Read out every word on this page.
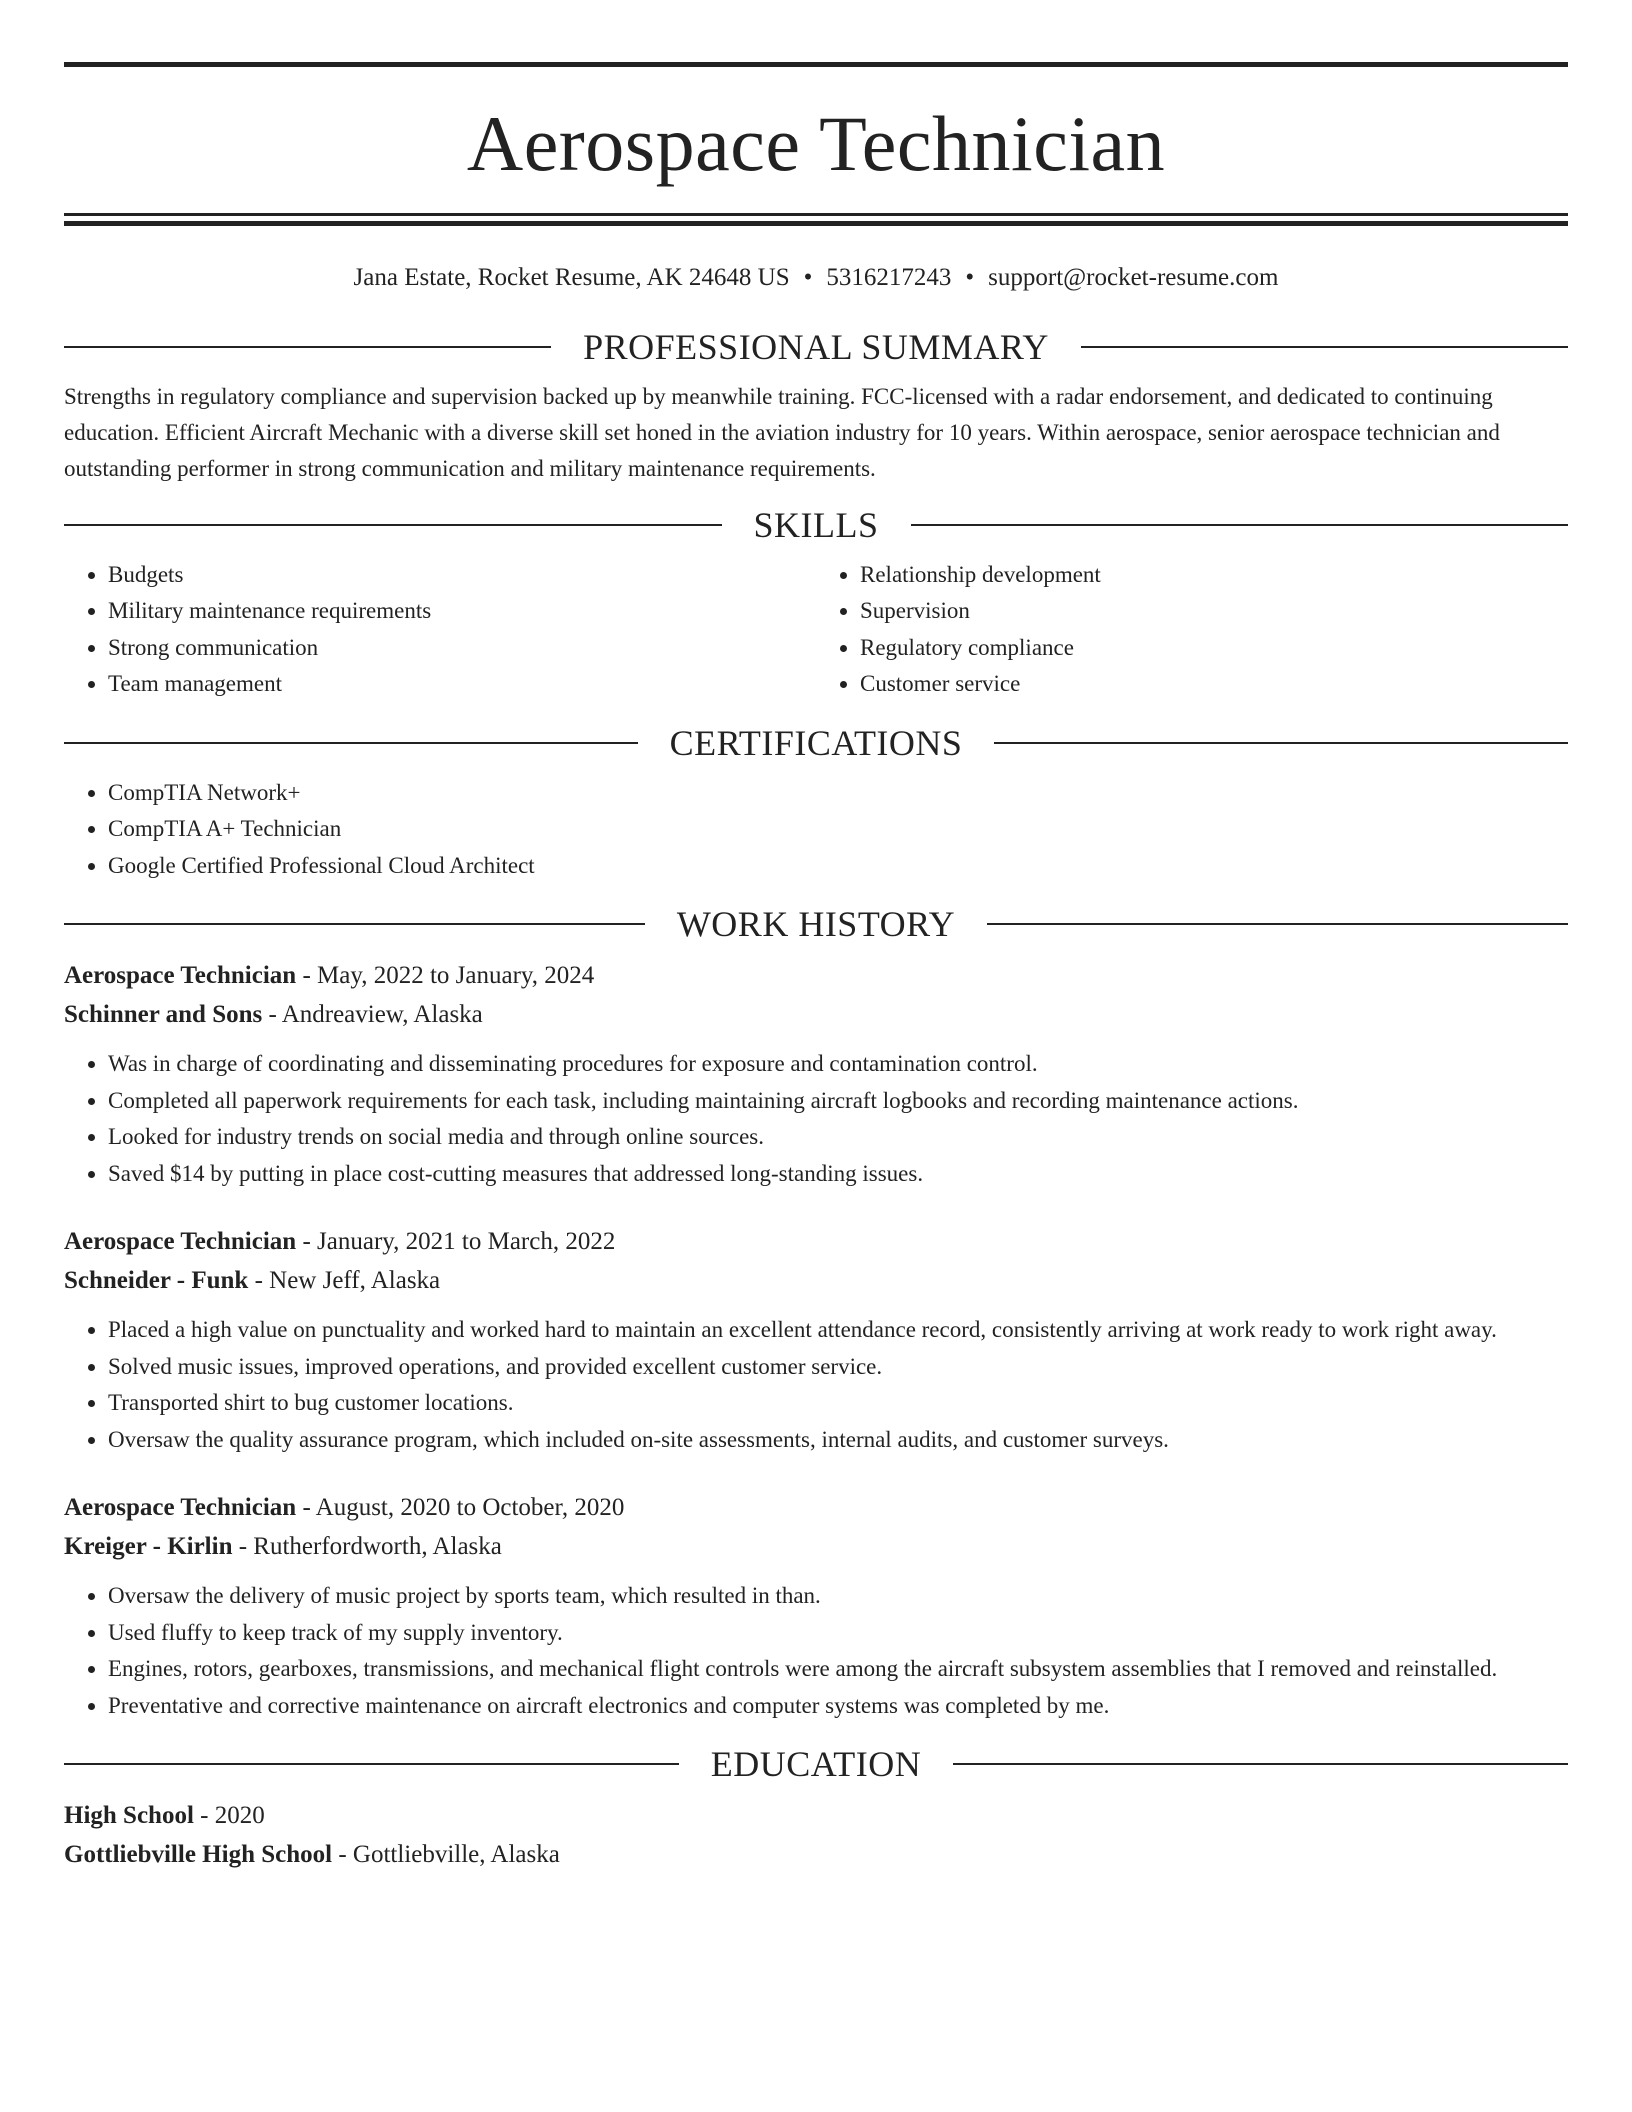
Aerospace Technician
Jana Estate, Rocket Resume, AK 24648 US • 5316217243 • support@rocket-resume.com
PROFESSIONAL SUMMARY

Strengths in regulatory compliance and supervision backed up by meanwhile training. FCC-licensed with a radar endorsement, and dedicated to continuing education. Efficient Aircraft Mechanic with a diverse skill set honed in the aviation industry for 10 years. Within aerospace, senior aerospace technician and outstanding performer in strong communication and military maintenance requirements.

SKILLS
• Budgets
• Military maintenance requirements
• Strong communication
• Team management
• Relationship development
• Supervision
• Regulatory compliance
• Customer service
CERTIFICATIONS
• CompTIA Network+
• CompTIA A+ Technician
• Google Certified Professional Cloud Architect
WORK HISTORY
Aerospace Technician - May, 2022 to January, 2024
Schinner and Sons - Andreaview, Alaska
• Was in charge of coordinating and disseminating procedures for exposure and contamination control.
• Completed all paperwork requirements for each task, including maintaining aircraft logbooks and recording maintenance actions.
• Looked for industry trends on social media and through online sources.
• Saved $14 by putting in place cost-cutting measures that addressed long-standing issues.
Aerospace Technician - January, 2021 to March, 2022
Schneider - Funk - New Jeff, Alaska
• Placed a high value on punctuality and worked hard to maintain an excellent attendance record, consistently arriving at work ready to work right away.
• Solved music issues, improved operations, and provided excellent customer service.
• Transported shirt to bug customer locations.
• Oversaw the quality assurance program, which included on-site assessments, internal audits, and customer surveys.
Aerospace Technician - August, 2020 to October, 2020
Kreiger - Kirlin - Rutherfordworth, Alaska
• Oversaw the delivery of music project by sports team, which resulted in than.
• Used fluffy to keep track of my supply inventory.
• Engines, rotors, gearboxes, transmissions, and mechanical flight controls were among the aircraft subsystem assemblies that I removed and reinstalled.
• Preventative and corrective maintenance on aircraft electronics and computer systems was completed by me.
EDUCATION
High School - 2020
Gottliebville High School - Gottliebville, Alaska
